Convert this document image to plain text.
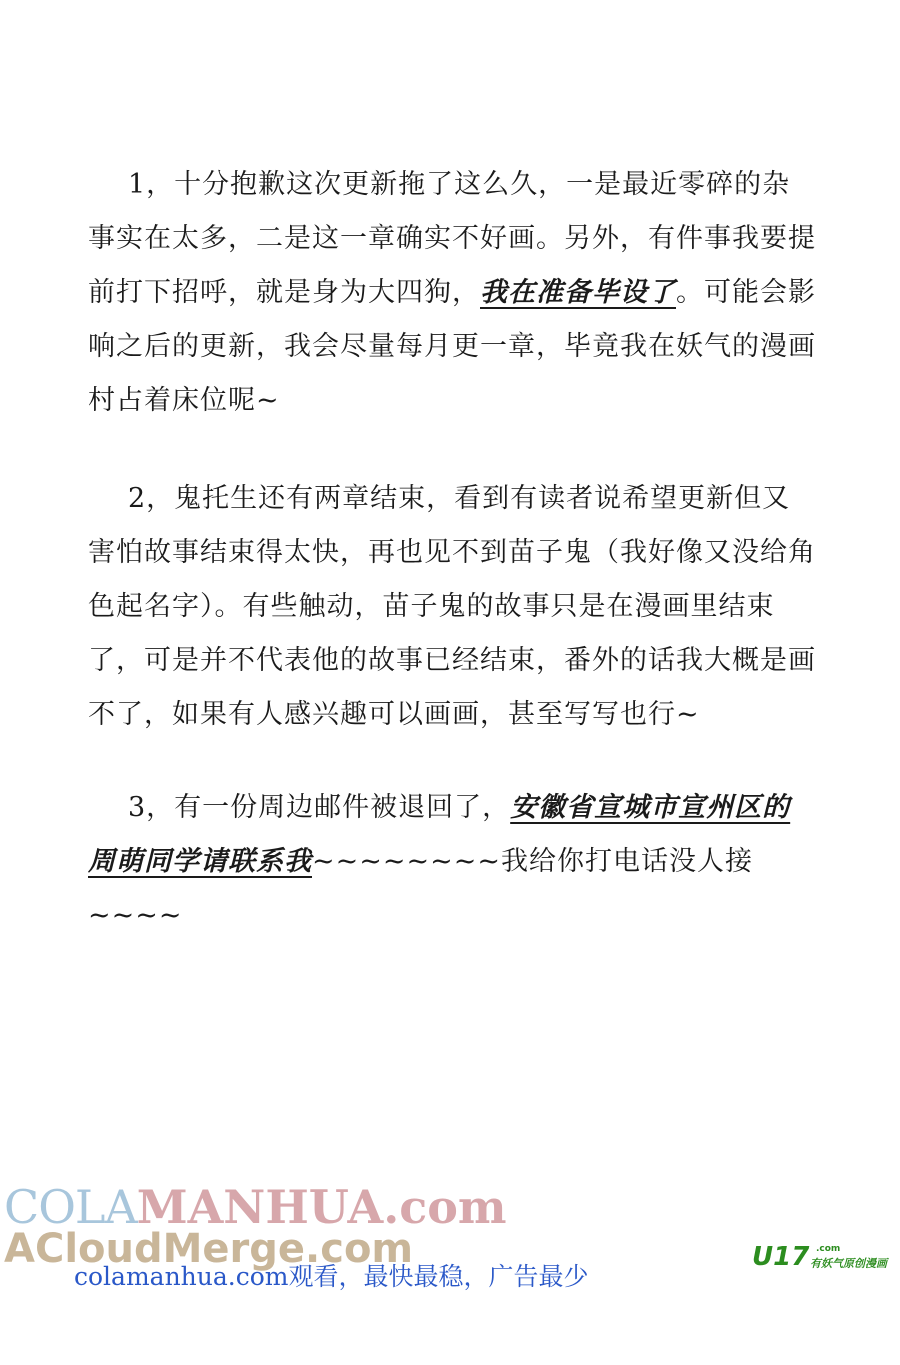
1，十分抱歉这次更新拖了这么久，一是最近零碎的杂事实在太多，二是这一章确实不好画。另外，有件事我要提前打下招呼，就是身为大四狗，我在准备毕设了。可能会影响之后的更新，我会尽量每月更一章，毕竟我在妖气的漫画村占着床位呢~

2，鬼托生还有两章结束，看到有读者说希望更新但又害怕故事结束得太快，再也见不到苗子鬼（我好像又没给角色起名字）。有些触动，苗子鬼的故事只是在漫画里结束了，可是并不代表他的故事已经结束，番外的话我大概是画不了，如果有人感兴趣可以画画，甚至写写也行~

3，有一份周边邮件被退回了，安徽省宣城市宣州区的周萌同学请联系我~~~~~~~~我给你打电话没人接~~~~

COLAMANHUA.com
ACloudMerge.com
colamanhua.com观看，最快最稳，广告最少
U17 .com
有妖气原创漫画
